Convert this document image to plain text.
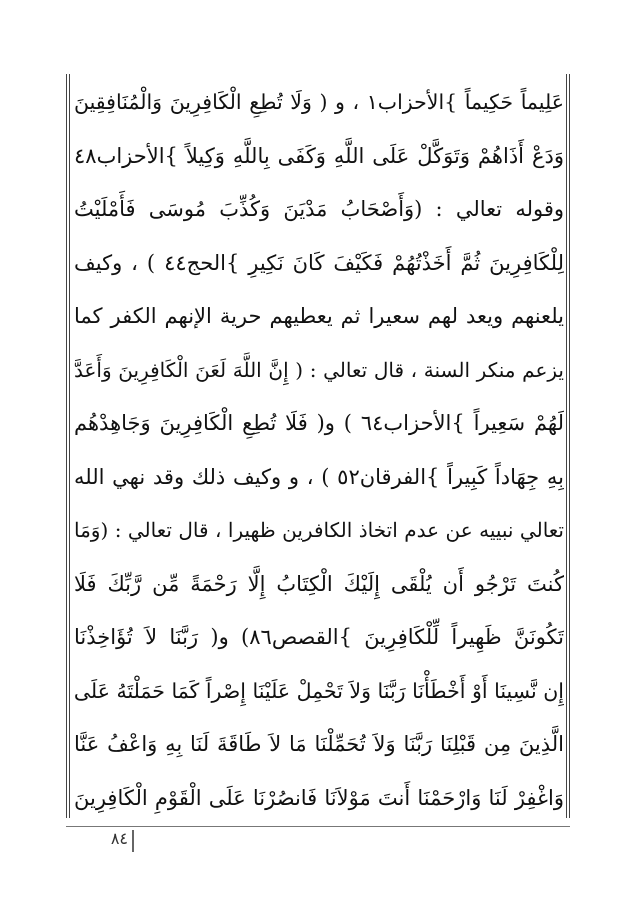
عَلِيماً حَكِيماً }الأحزاب١ ، و ( وَلَا تُطِعِ الْكَافِرِينَ وَالْمُنَافِقِينَ
وَدَعْ أَذَاهُمْ وَتَوَكَّلْ عَلَى اللَّهِ وَكَفَى بِاللَّهِ وَكِيلاً }الأحزاب٤٨
وقوله تعالي : (وَأَصْحَابُ مَدْيَنَ وَكُذِّبَ مُوسَى فَأَمْلَيْتُ
لِلْكَافِرِينَ ثُمَّ أَخَذْتُهُمْ فَكَيْفَ كَانَ نَكِيرِ }الحج٤٤ ) ، وكيف
يلعنهم ويعد لهم سعيرا ثم يعطيهم حرية الإنهم الكفر كما
يزعم منكر السنة ، قال تعالي : ( إِنَّ اللَّهَ لَعَنَ الْكَافِرِينَ وَأَعَدَّ
لَهُمْ سَعِيراً }الأحزاب٦٤ ) و( فَلَا تُطِعِ الْكَافِرِينَ وَجَاهِدْهُم
بِهِ جِهَاداً كَبِيراً }الفرقان٥٢ ) ، و وكيف ذلك وقد نهي الله
تعالي نبييه عن عدم اتخاذ الكافرين ظهيرا ، قال تعالي : (وَمَا
كُنتَ تَرْجُو أَن يُلْقَى إِلَيْكَ الْكِتَابُ إِلَّا رَحْمَةً مِّن رَّبِّكَ فَلَا
تَكُونَنَّ ظَهِيراً لِّلْكَافِرِينَ }القصص٨٦) و( رَبَّنَا لاَ تُؤَاخِذْنَا
إِن نَّسِينَا أَوْ أَخْطَأْنَا رَبَّنَا وَلاَ تَحْمِلْ عَلَيْنَا إِصْراً كَمَا حَمَلْتَهُ عَلَى
الَّذِينَ مِن قَبْلِنَا رَبَّنَا وَلاَ تُحَمِّلْنَا مَا لاَ طَاقَةَ لَنَا بِهِ وَاعْفُ عَنَّا
وَاغْفِرْ لَنَا وَارْحَمْنَا أَنتَ مَوْلاَنَا فَانصُرْنَا عَلَى الْقَوْمِ الْكَافِرِينَ
٨٤
